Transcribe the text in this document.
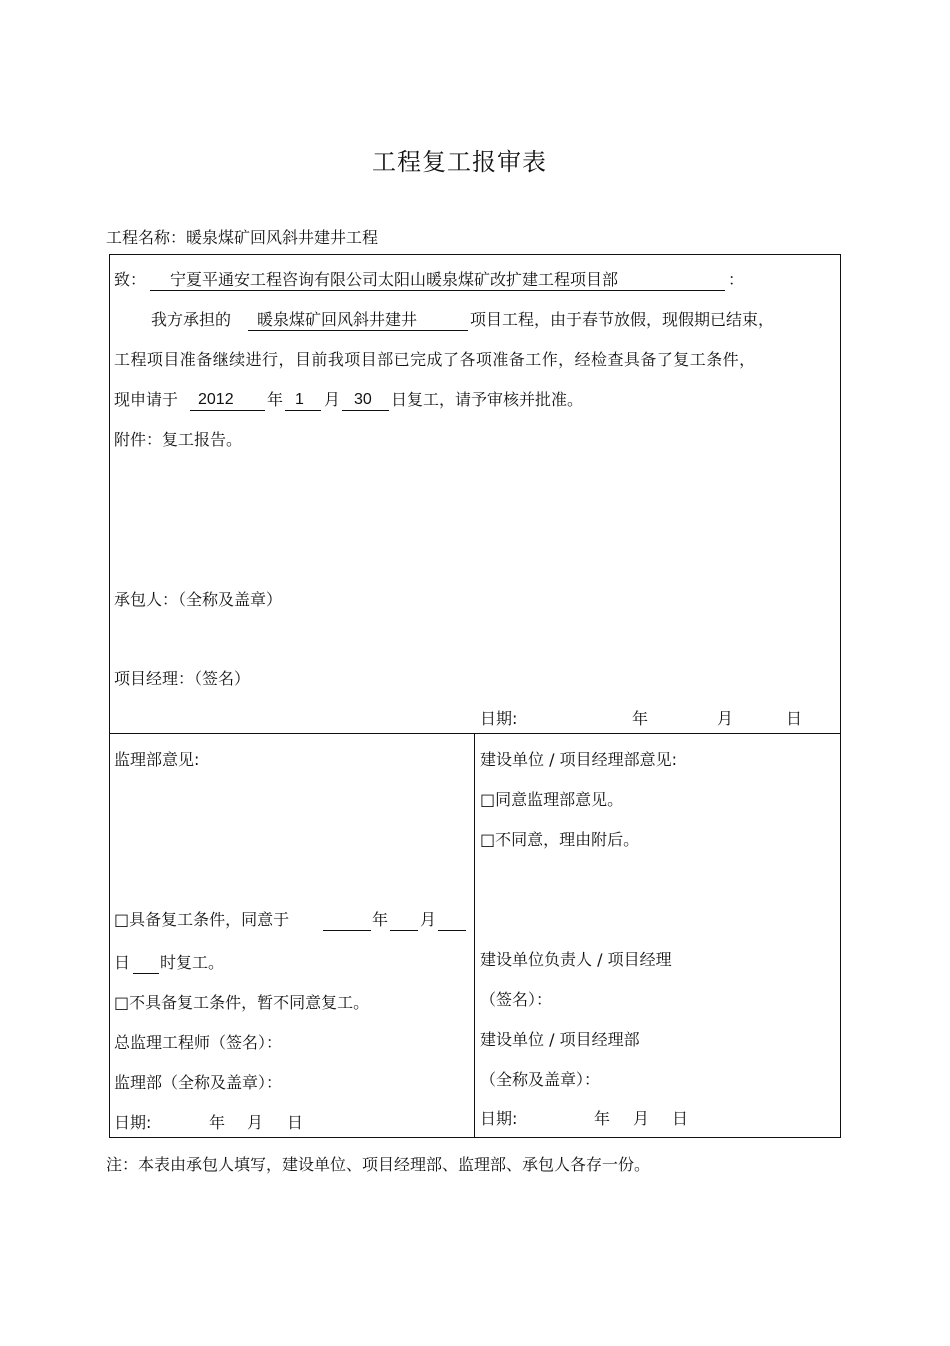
工程复工报审表
工程名称：暖泉煤矿回风斜井建井工程
致： 宁夏平通安工程咨询有限公司太阳山暖泉煤矿改扩建工程项目部	：
我方承担的 暖泉煤矿回风斜井建井	项目工程，由于春节放假，现假期已结束，
工程项目准备继续进行，目前我项目部已完成了各项准备工作，经检查具备了复工条件，
现申请于 2012 年 1 月 30 日复工，请予审核并批准。
附件：复工报告。
承包人：（全称及盖章）
项目经理：（签名）
日期:	年	月	日
监理部意见:
□具备复工条件，同意于	年 月
日 时复工。
□不具备复工条件，暂不同意复工。
总监理工程师（签名）：
监理部（全称及盖章）：
日期:	年 月 日
建设单位 / 项目经理部意见:
□同意监理部意见。
□不同意，理由附后。
建设单位负责人 / 项目经理
（签名）：
建设单位 / 项目经理部
（全称及盖章）：
日期:	年 月 日
注：本表由承包人填写，建设单位、项目经理部、监理部、承包人各存一份。
